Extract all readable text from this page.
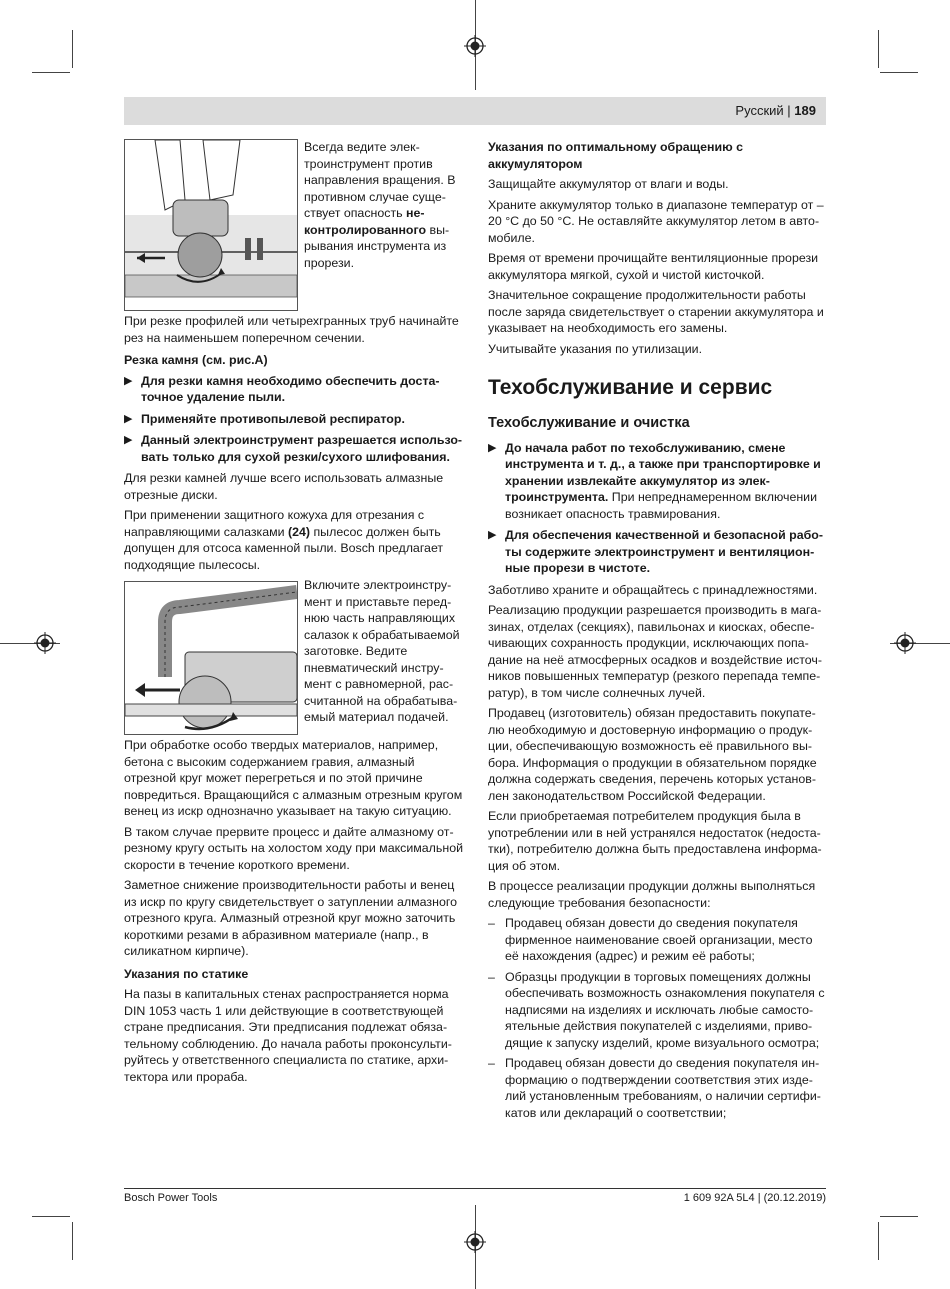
Русский | 189

Всегда ведите электроинструмент против направления вращения. В противном случае существует опасность неконтролированного вырывания инструмента из прорези.

При резке профилей или четырехгранных труб начинайте рез на наименьшем поперечном сечении.

Резка камня (см. рис.A)

▶ Для резки камня необходимо обеспечить достаточное удаление пыли.
▶ Применяйте противопылевой респиратор.
▶ Данный электроинструмент разрешается использовать только для сухой резки/сухого шлифования.

Для резки камней лучше всего использовать алмазные отрезные диски.

При применении защитного кожуха для отрезания с направляющими салазками (24) пылесос должен быть допущен для отсоса каменной пыли. Bosch предлагает подходящие пылесосы.

Включите электроинструмент и приставьте переднюю часть направляющих салазок к обрабатываемой заготовке. Ведите пневматический инструмент с равномерной, рассчитанной на обрабатываемый материал подачей.

При обработке особо твердых материалов, например, бетона с высоким содержанием гравия, алмазный отрезной круг может перегреться и по этой причине повредиться. Вращающийся с алмазным отрезным кругом венец из искр однозначно указывает на такую ситуацию.

В таком случае прервите процесс и дайте алмазному отрезному кругу остыть на холостом ходу при максимальной скорости в течение короткого времени.

Заметное снижение производительности работы и венец из искр по кругу свидетельствует о затуплении алмазного отрезного круга. Алмазный отрезной круг можно заточить короткими резами в абразивном материале (напр., в силикатном кирпиче).

Указания по статике

На пазы в капитальных стенах распространяется норма DIN 1053 часть 1 или действующие в соответствующей стране предписания. Эти предписания подлежат обязательному соблюдению. До начала работы проконсультируйтесь у ответственного специалиста по статике, архитектора или прораба.

Указания по оптимальному обращению с аккумулятором

Защищайте аккумулятор от влаги и воды.

Храните аккумулятор только в диапазоне температур от – 20 °C до 50 °C. Не оставляйте аккумулятор летом в автомобиле.

Время от времени прочищайте вентиляционные прорези аккумулятора мягкой, сухой и чистой кисточкой.

Значительное сокращение продолжительности работы после заряда свидетельствует о старении аккумулятора и указывает на необходимость его замены.

Учитывайте указания по утилизации.

Техобслуживание и сервис
Техобслуживание и очистка
▶ До начала работ по техобслуживанию, смене инструмента и т. д., а также при транспортировке и хранении извлекайте аккумулятор из электроинструмента. При непреднамеренном включении возникает опасность травмирования.
▶ Для обеспечения качественной и безопасной работы содержите электроинструмент и вентиляционные прорези в чистоте.

Заботливо храните и обращайтесь с принадлежностями.

Реализацию продукции разрешается производить в магазинах, отделах (секциях), павильонах и киосках, обеспечивающих сохранность продукции, исключающих попадание на неё атмосферных осадков и воздействие источников повышенных температур (резкого перепада температур), в том числе солнечных лучей.

Продавец (изготовитель) обязан предоставить покупателю необходимую и достоверную информацию о продукции, обеспечивающую возможность её правильного выбора. Информация о продукции в обязательном порядке должна содержать сведения, перечень которых установлен законодательством Российской Федерации.

Если приобретаемая потребителем продукция была в употреблении или в ней устранялся недостаток (недостатки), потребителю должна быть предоставлена информация об этом.

В процессе реализации продукции должны выполняться следующие требования безопасности:

– Продавец обязан довести до сведения покупателя фирменное наименование своей организации, место её нахождения (адрес) и режим её работы;
– Образцы продукции в торговых помещениях должны обеспечивать возможность ознакомления покупателя с надписями на изделиях и исключать любые самостоятельные действия покупателей с изделиями, приводящие к запуску изделий, кроме визуального осмотра;
– Продавец обязан довести до сведения покупателя информацию о подтверждении соответствия этих изделий установленным требованиям, о наличии сертификатов или деклараций о соответствии;
Bosch Power Tools	1 609 92A 5L4 | (20.12.2019)
